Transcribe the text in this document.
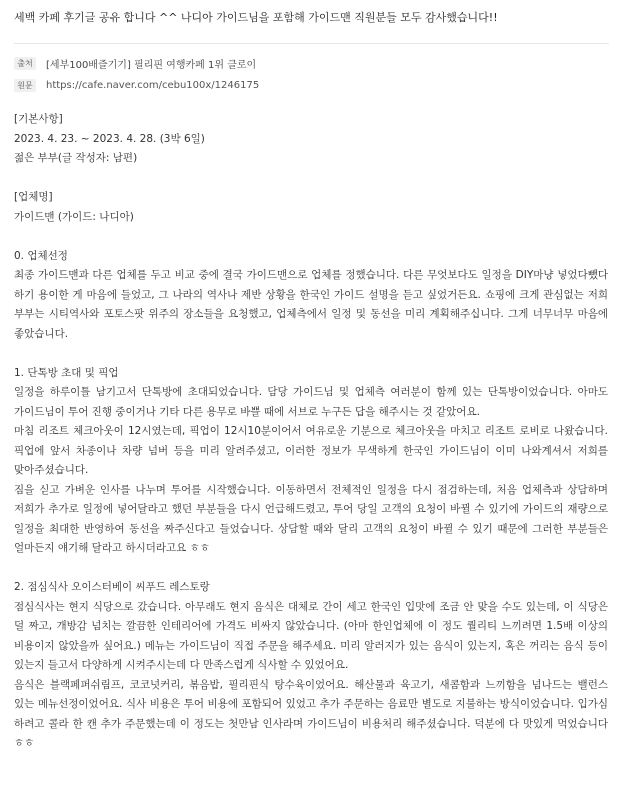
세백 카페 후기글 공유 합니다 ^^ 나디아 가이드님을 포함해 가이드맨 직원분들 모두 감사했습니다!!
출처	[세부100배즐기기] 필리핀 여행카페 1위 클로이
원문	https://cafe.naver.com/cebu100x/1246175
[기본사항]
2023. 4. 23. ~ 2023. 4. 28. (3박 6일)
젊은 부부(글 작성자: 남편)
[업체명]
가이드맨 (가이드: 나디아)
0. 업체선정
최종 가이드맨과 다른 업체를 두고 비교 중에 결국 가이드맨으로 업체를 정했습니다. 다른 무엇보다도 일정을 DIY마냥 넣었다뺐다 하기 용이한 게 마음에 들었고, 그 나라의 역사나 제반 상황을 한국인 가이드 설명을 듣고 싶었거든요. 쇼핑에 크게 관심없는 저희 부부는 시티역사와 포토스팟 위주의 장소들을 요청했고, 업체측에서 일정 및 동선을 미리 계획해주십니다. 그게 너무너무 마음에 좋았습니다.
1. 단톡방 초대 및 픽업
일정을 하루이틀 남기고서 단톡방에 초대되었습니다. 담당 가이드님 및 업체측 여러분이 함께 있는 단톡방이었습니다. 아마도 가이드님이 투어 진행 중이거나 기타 다른 용무로 바쁠 때에 서브로 누구든 답을 해주시는 것 같았어요.
마침 리조트 체크아웃이 12시였는데, 픽업이 12시10분이어서 여유로운 기분으로 체크아웃을 마치고 리조트 로비로 나왔습니다. 픽업에 앞서 차종이나 차량 넘버 등을 미리 알려주셨고, 이러한 정보가 무색하게 한국인 가이드님이 이미 나와계셔서 저희를 맞아주셨습니다.
짐을 싣고 가벼운 인사를 나누며 투어를 시작했습니다. 이동하면서 전체적인 일정을 다시 점검하는데, 처음 업체측과 상담하며 저희가 추가로 일정에 넣어달라고 했던 부분들을 다시 언급해드렸고, 투어 당일 고객의 요청이 바뀔 수 있기에 가이드의 재량으로 일정을 최대한 반영하여 동선을 짜주신다고 들었습니다. 상담할 때와 달리 고객의 요청이 바뀔 수 있기 때문에 그러한 부분들은 얼마든지 얘기해 달라고 하시더라고요 ㅎㅎ
2. 점심식사 오이스터베이 씨푸드 레스토랑
점심식사는 현지 식당으로 갔습니다. 아무래도 현지 음식은 대체로 간이 세고 한국인 입맛에 조금 안 맞을 수도 있는데, 이 식당은 덜 짜고, 개방감 넘치는 깔끔한 인테리어에 가격도 비싸지 않았습니다. (아마 한인업체에 이 정도 퀄리티 느끼려면 1.5배 이상의 비용이지 않았을까 싶어요.) 메뉴는 가이드님이 직접 주문을 해주세요. 미리 알러지가 있는 음식이 있는지, 혹은 꺼리는 음식 등이 있는지 들고서 다양하게 시켜주시는데 다 만족스럽게 식사할 수 있었어요.
음식은 블랙페퍼쉬림프, 코코넛커리, 볶음밥, 필리핀식 탕수육이었어요. 해산물과 육고기, 새콤함과 느끼함을 넘나드는 밸런스 있는 메뉴선정이었어요. 식사 비용은 투어 비용에 포함되어 있었고 추가 주문하는 음료만 별도로 지불하는 방식이었습니다. 입가심 하려고 콜라 한 캔 추가 주문했는데 이 정도는 첫만남 인사라며 가이드님이 비용처리 해주셨습니다. 덕분에 다 맛있게 먹었습니다 ㅎㅎ
